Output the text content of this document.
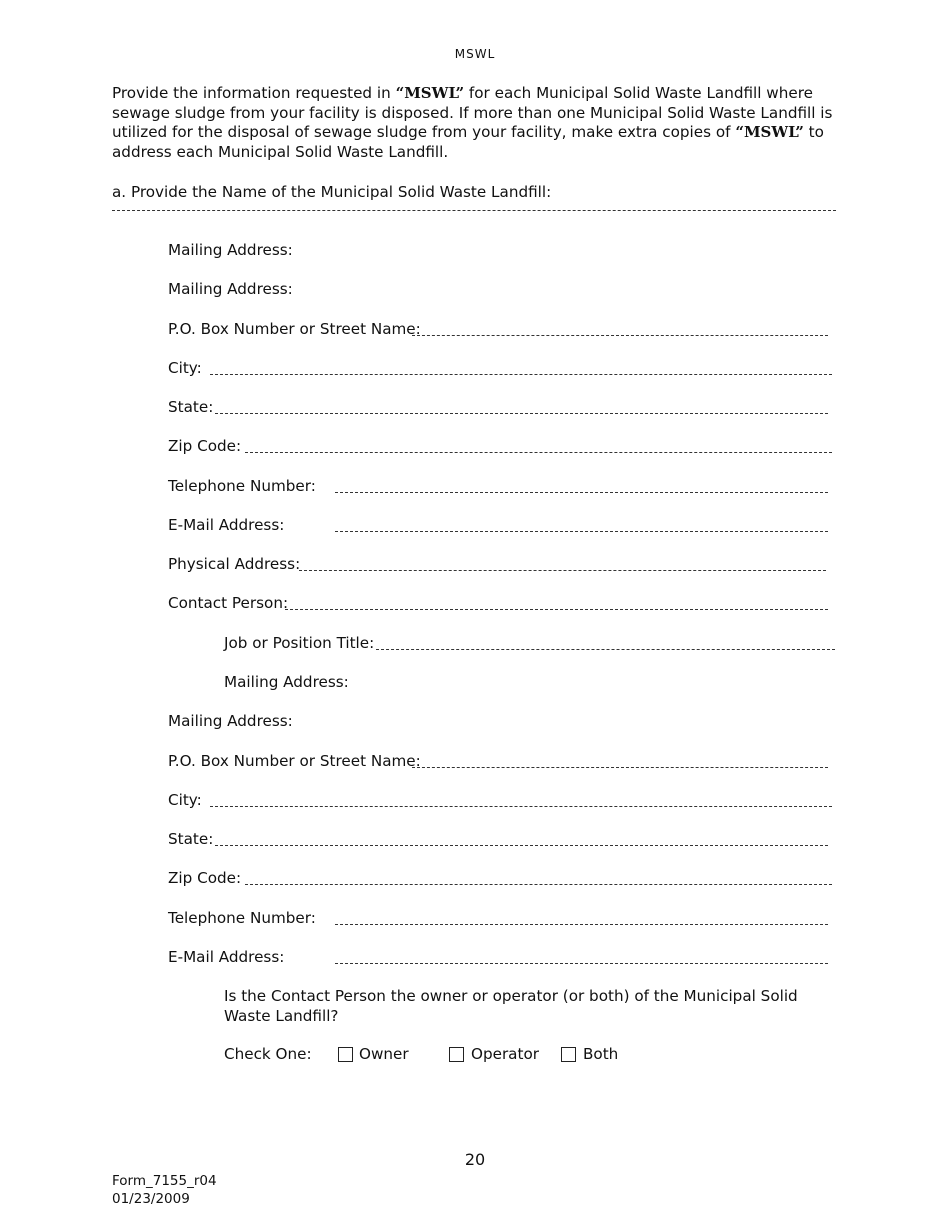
MSWL
Provide the information requested in “MSWL” for each Municipal Solid Waste Landfill where sewage sludge from your facility is disposed. If more than one Municipal Solid Waste Landfill is utilized for the disposal of sewage sludge from your facility, make extra copies of “MSWL” to address each Municipal Solid Waste Landfill.
a. Provide the Name of the Municipal Solid Waste Landfill:
Mailing Address:
Mailing Address:
P.O. Box Number or Street Name:
City:
State:
Zip Code:
Telephone Number:
E-Mail Address:
Physical Address:
Contact Person:
Job or Position Title:
Mailing Address:
Mailing Address:
P.O. Box Number or Street Name:
City:
State:
Zip Code:
Telephone Number:
E-Mail Address:
Is the Contact Person the owner or operator (or both) of the Municipal Solid Waste Landfill?
Check One:	Owner	Operator	Both
20
Form_7155_r04
01/23/2009
